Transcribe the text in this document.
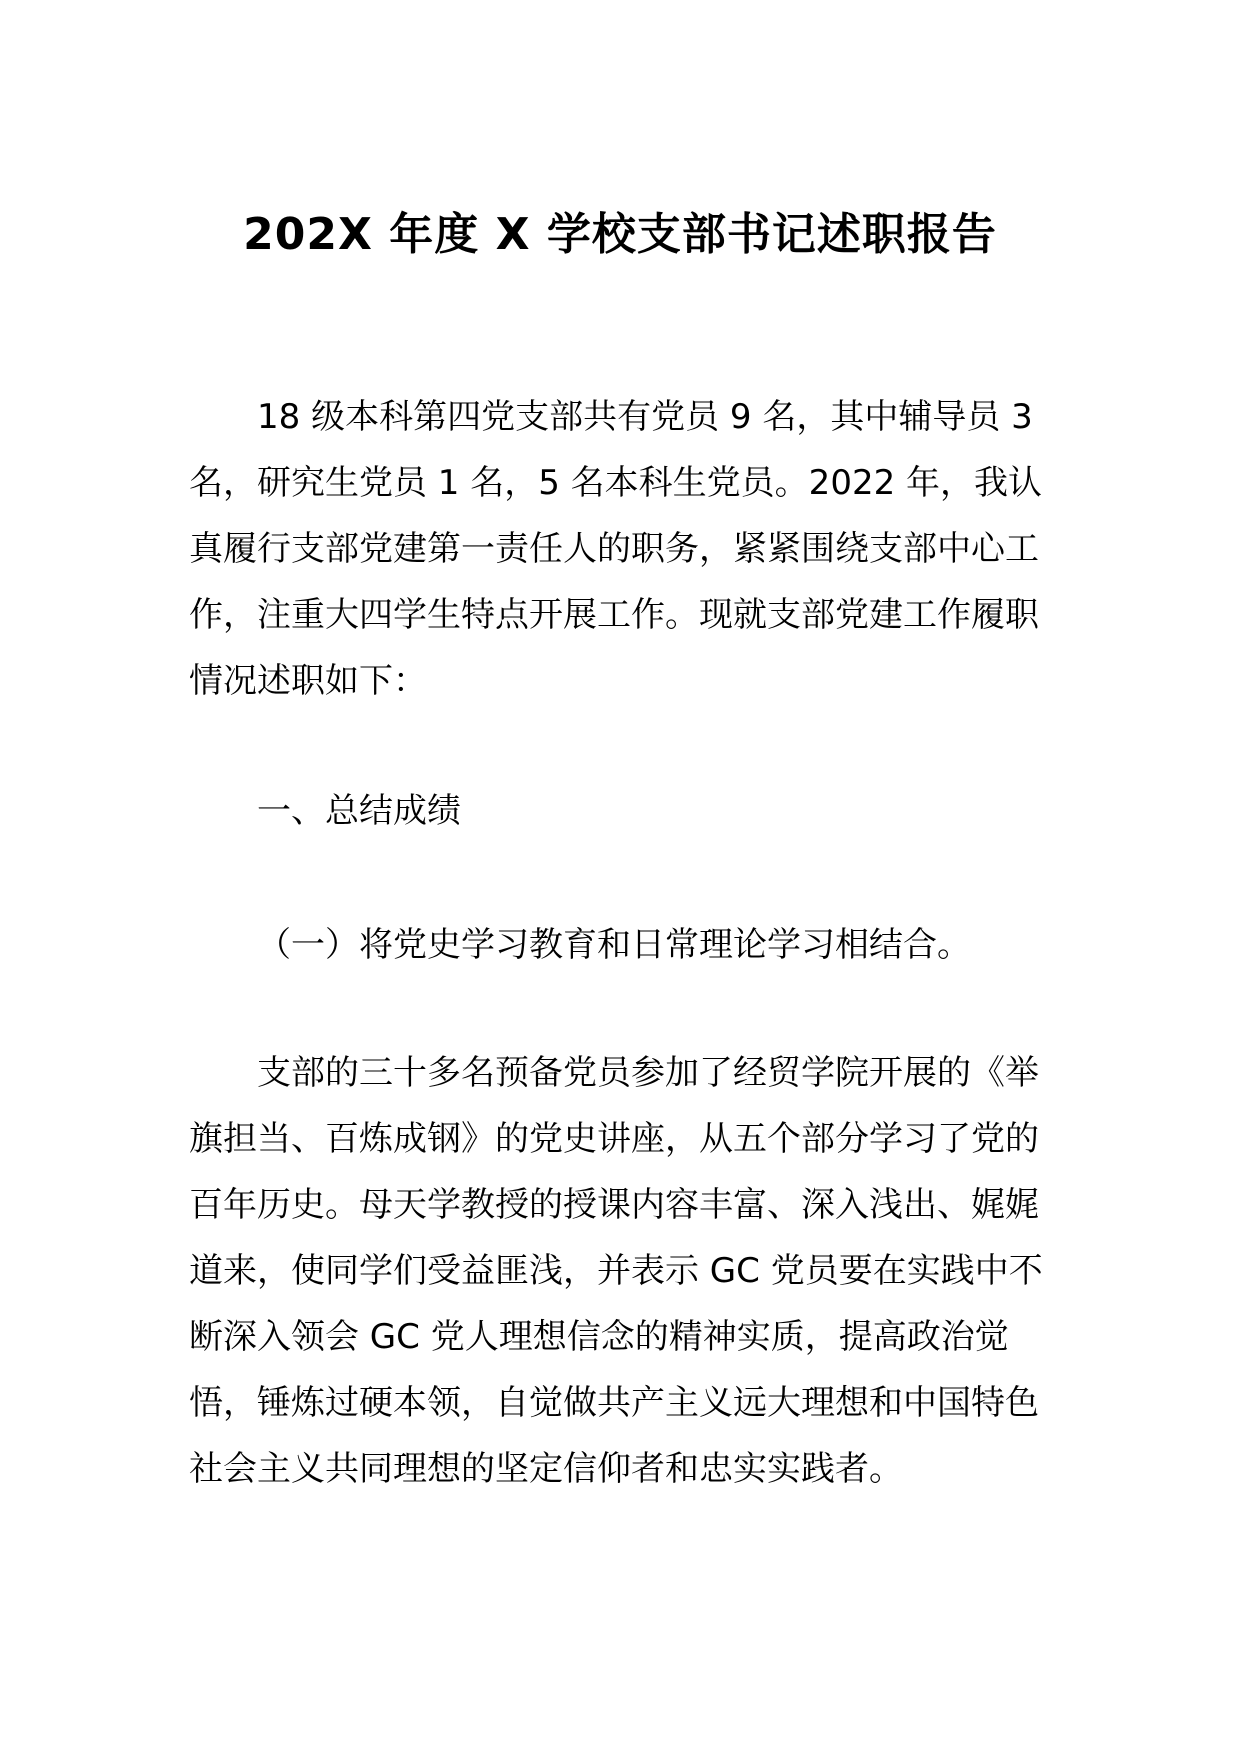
202X 年度 X 学校支部书记述职报告

18 级本科第四党支部共有党员 9 名，其中辅导员 3 名，研究生党员 1 名，5 名本科生党员。2022 年，我认真履行支部党建第一责任人的职务，紧紧围绕支部中心工作，注重大四学生特点开展工作。现就支部党建工作履职情况述职如下：

一、总结成绩

（一）将党史学习教育和日常理论学习相结合。

支部的三十多名预备党员参加了经贸学院开展的《举旗担当、百炼成钢》的党史讲座，从五个部分学习了党的百年历史。母天学教授的授课内容丰富、深入浅出、娓娓道来，使同学们受益匪浅，并表示 GC 党员要在实践中不断深入领会 GC 党人理想信念的精神实质，提高政治觉悟，锤炼过硬本领，自觉做共产主义远大理想和中国特色社会主义共同理想的坚定信仰者和忠实实践者。
